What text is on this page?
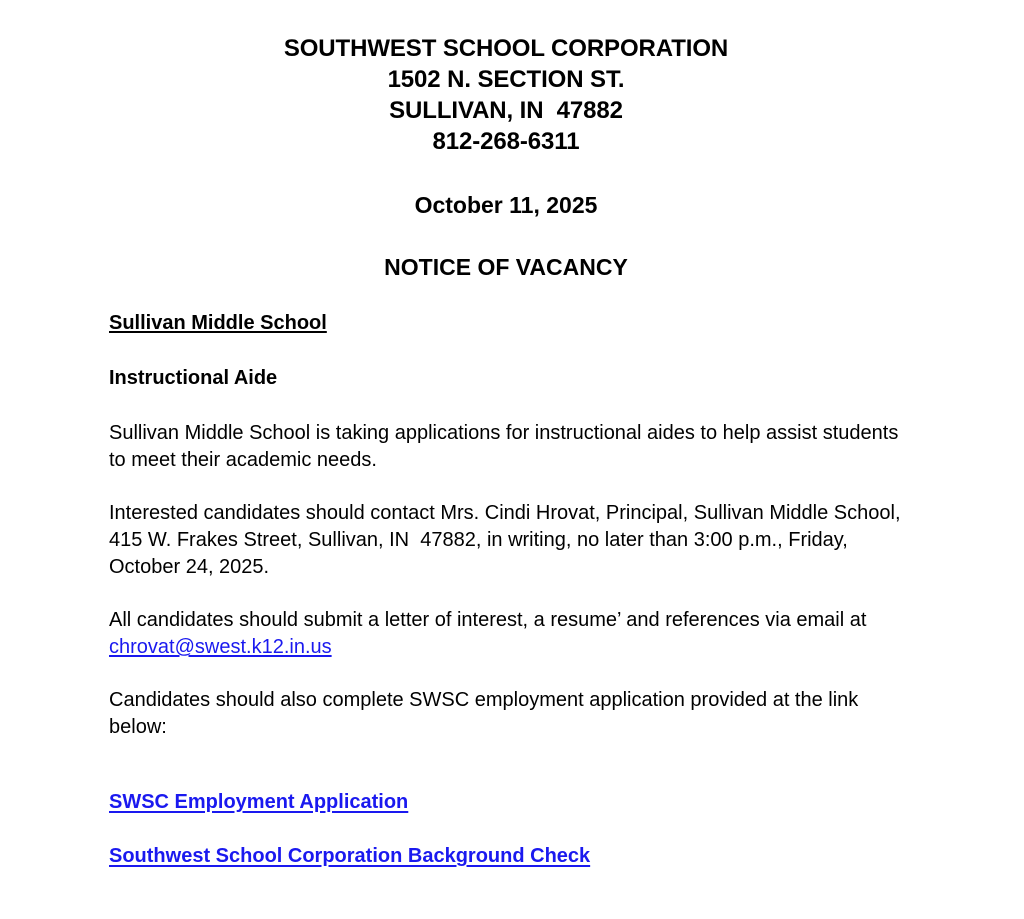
SOUTHWEST SCHOOL CORPORATION
1502 N. SECTION ST.
SULLIVAN, IN  47882
812-268-6311
October 11, 2025
NOTICE OF VACANCY
Sullivan Middle School
Instructional Aide

Sullivan Middle School is taking applications for instructional aides to help assist students to meet their academic needs.

Interested candidates should contact Mrs. Cindi Hrovat, Principal, Sullivan Middle School, 415 W. Frakes Street, Sullivan, IN  47882, in writing, no later than 3:00 p.m., Friday, October 24, 2025.

All candidates should submit a letter of interest, a resume’ and references via email at chrovat@swest.k12.in.us

Candidates should also complete SWSC employment application provided at the link below:

SWSC Employment Application
Southwest School Corporation Background Check
